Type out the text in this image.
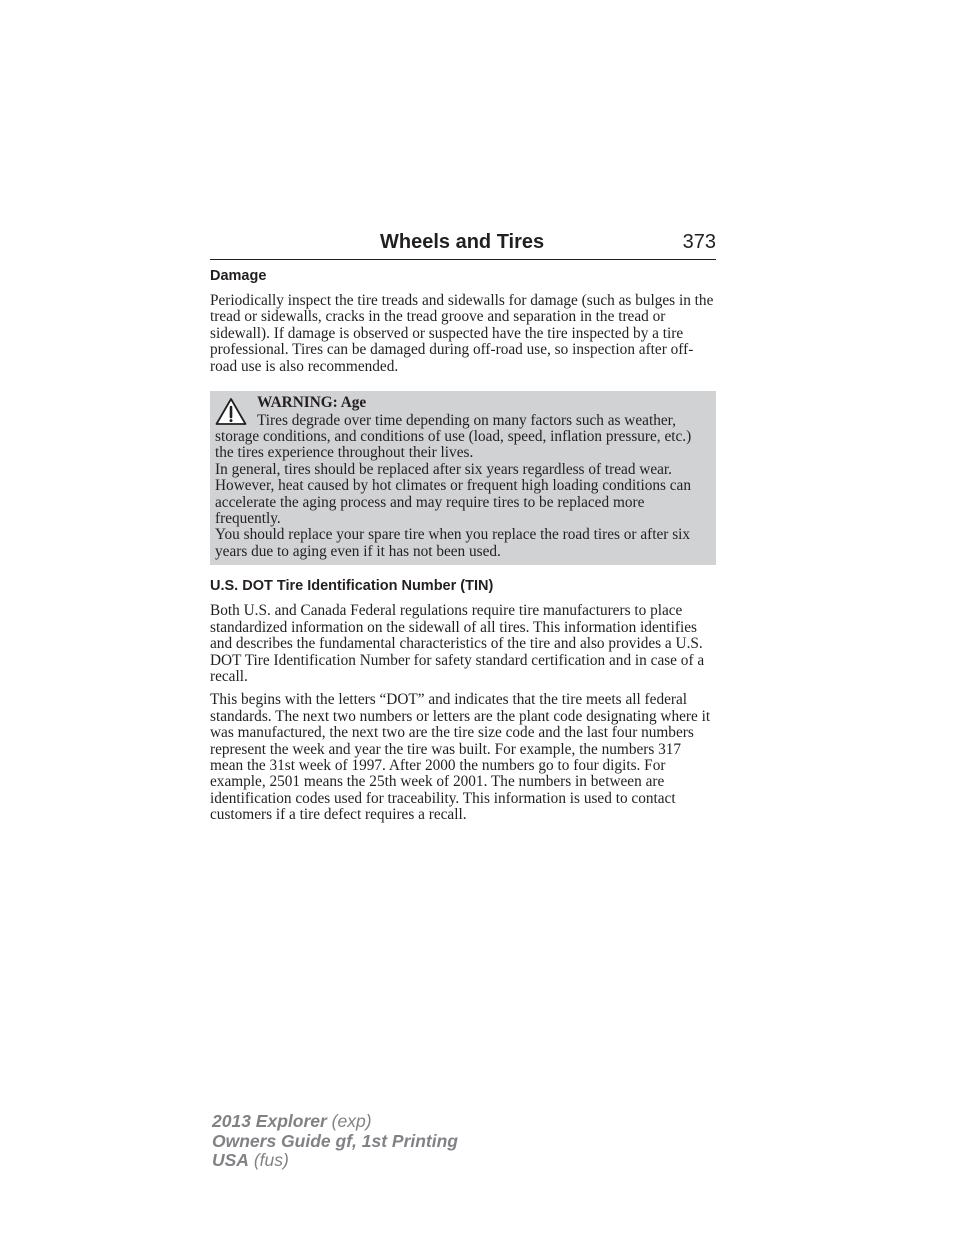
Wheels and Tires	373
Damage

Periodically inspect the tire treads and sidewalls for damage (such as bulges in the tread or sidewalls, cracks in the tread groove and separation in the tread or sidewall). If damage is observed or suspected have the tire inspected by a tire professional. Tires can be damaged during off-road use, so inspection after off-road use is also recommended.

WARNING: Age

Tires degrade over time depending on many factors such as weather, storage conditions, and conditions of use (load, speed, inflation pressure, etc.) the tires experience throughout their lives.

In general, tires should be replaced after six years regardless of tread wear. However, heat caused by hot climates or frequent high loading conditions can accelerate the aging process and may require tires to be replaced more frequently.

You should replace your spare tire when you replace the road tires or after six years due to aging even if it has not been used.

U.S. DOT Tire Identification Number (TIN)

Both U.S. and Canada Federal regulations require tire manufacturers to place standardized information on the sidewall of all tires. This information identifies and describes the fundamental characteristics of the tire and also provides a U.S. DOT Tire Identification Number for safety standard certification and in case of a recall.

This begins with the letters “DOT” and indicates that the tire meets all federal standards. The next two numbers or letters are the plant code designating where it was manufactured, the next two are the tire size code and the last four numbers represent the week and year the tire was built. For example, the numbers 317 mean the 31st week of 1997. After 2000 the numbers go to four digits. For example, 2501 means the 25th week of 2001. The numbers in between are identification codes used for traceability. This information is used to contact customers if a tire defect requires a recall.

2013 Explorer (exp)
Owners Guide gf, 1st Printing
USA (fus)
